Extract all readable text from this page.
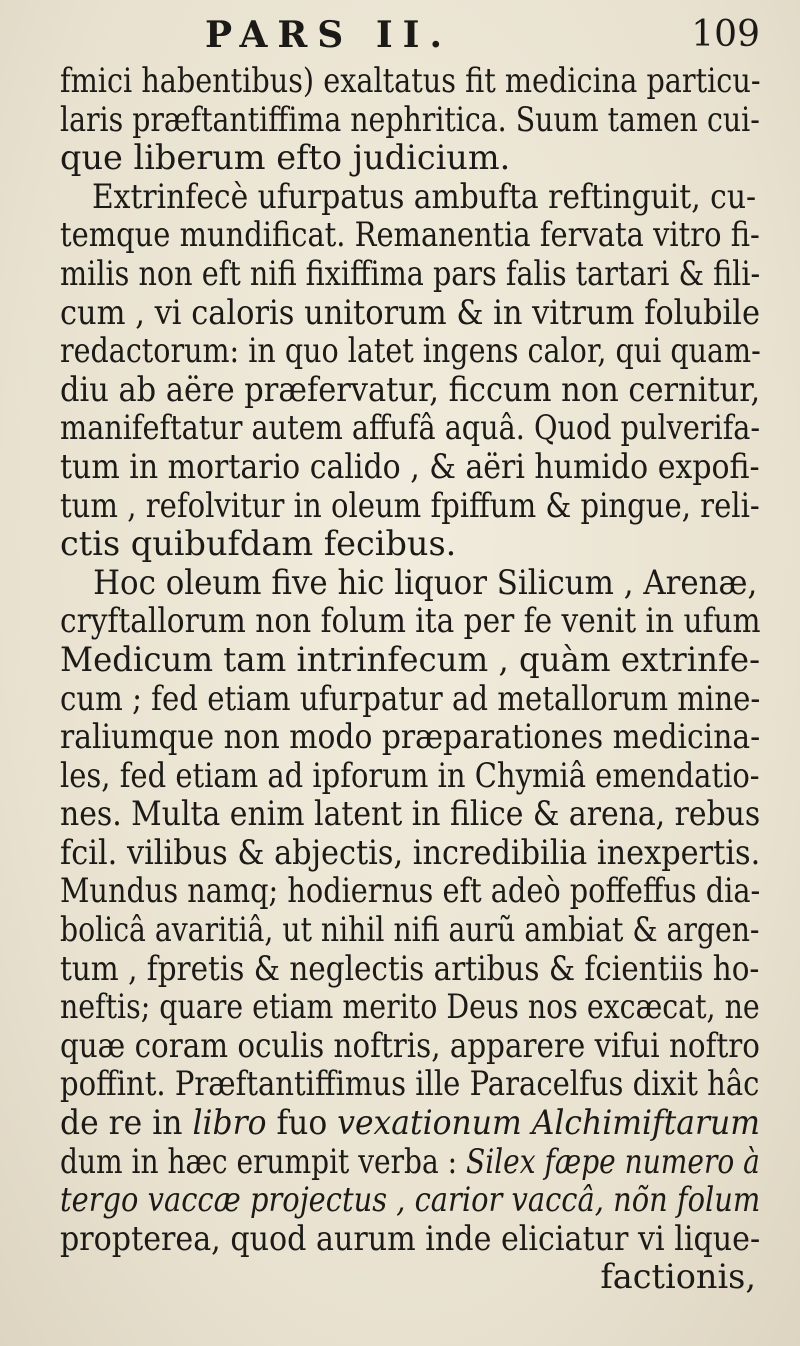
PARS II.	109
fmici habentibus) exaltatus fit medicina particu-
laris præftantiffima nephritica. Suum tamen cui-
que liberum efto judicium.
Extrinfecè ufurpatus ambufta reftinguit, cu-
temque mundificat. Remanentia fervata vitro fi-
milis non eft nifi fixiffima pars falis tartari & fili-
cum , vi caloris unitorum & in vitrum folubile
redactorum: in quo latet ingens calor, qui quam-
diu ab aëre præfervatur, ficcum non cernitur,
manifeftatur autem affufâ aquâ. Quod pulverifa-
tum in mortario calido , & aëri humido expofi-
tum , refolvitur in oleum fpiffum & pingue, reli-
ctis quibufdam fecibus.
Hoc oleum five hic liquor Silicum , Arenæ,
cryftallorum non folum ita per fe venit in ufum
Medicum tam intrinfecum , quàm extrinfe-
cum ; fed etiam ufurpatur ad metallorum mine-
raliumque non modo præparationes medicina-
les, fed etiam ad ipforum in Chymiâ emendatio-
nes. Multa enim latent in filice & arena, rebus
fcil. vilibus & abjectis, incredibilia inexpertis.
Mundus namq; hodiernus eft adeò poffeffus dia-
bolicâ avaritiâ, ut nihil nifi aurũ ambiat & argen-
tum , fpretis & neglectis artibus & fcientiis ho-
neftis; quare etiam merito Deus nos excæcat, ne
quæ coram oculis noftris, apparere vifui noftro
poffint. Præftantiffimus ille Paracelfus dixit hâc
de re in libro fuo vexationum Alchimiftarum
dum in hæc erumpit verba : Silex fæpe numero à
tergo vaccæ projectus , carior vaccâ, nõn folum
propterea, quod aurum inde eliciatur vi lique-
factionis,
